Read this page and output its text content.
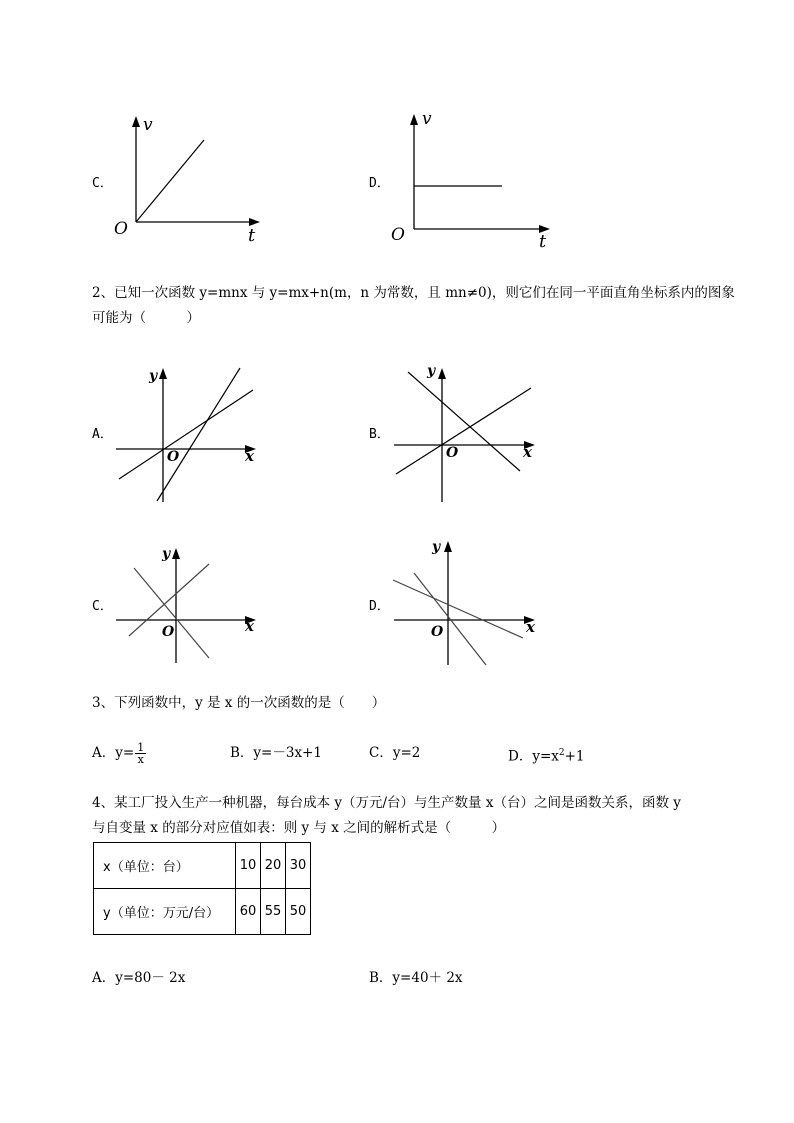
C．
v
t
O
D．
v
t
O
2、已知一次函数 y=mnx 与 y=mx+n(m，n 为常数，且 mn≠0)，则它们在同一平面直角坐标系内的图象
可能为（　　　）
A．
y
x
O
B．
y
x
O
C．
y
x
O
D．
y
x
O
3、下列函数中，y 是 x 的一次函数的是（　　）
A．$y= \frac{1}{x}$	B．y=－3x+1	C．y=2	D．$y=x^2+1$
4、某工厂投入生产一种机器，每台成本 y（万元/台）与生产数量 x（台）之间是函数关系，函数 y
与自变量 x 的部分对应值如表：则 y 与 x 之间的解析式是（　　　）
x（单位：台）	10	20	30
y（单位：万元/台）	60	55	50
A．y=80－ 2x	B．y=40＋ 2x
